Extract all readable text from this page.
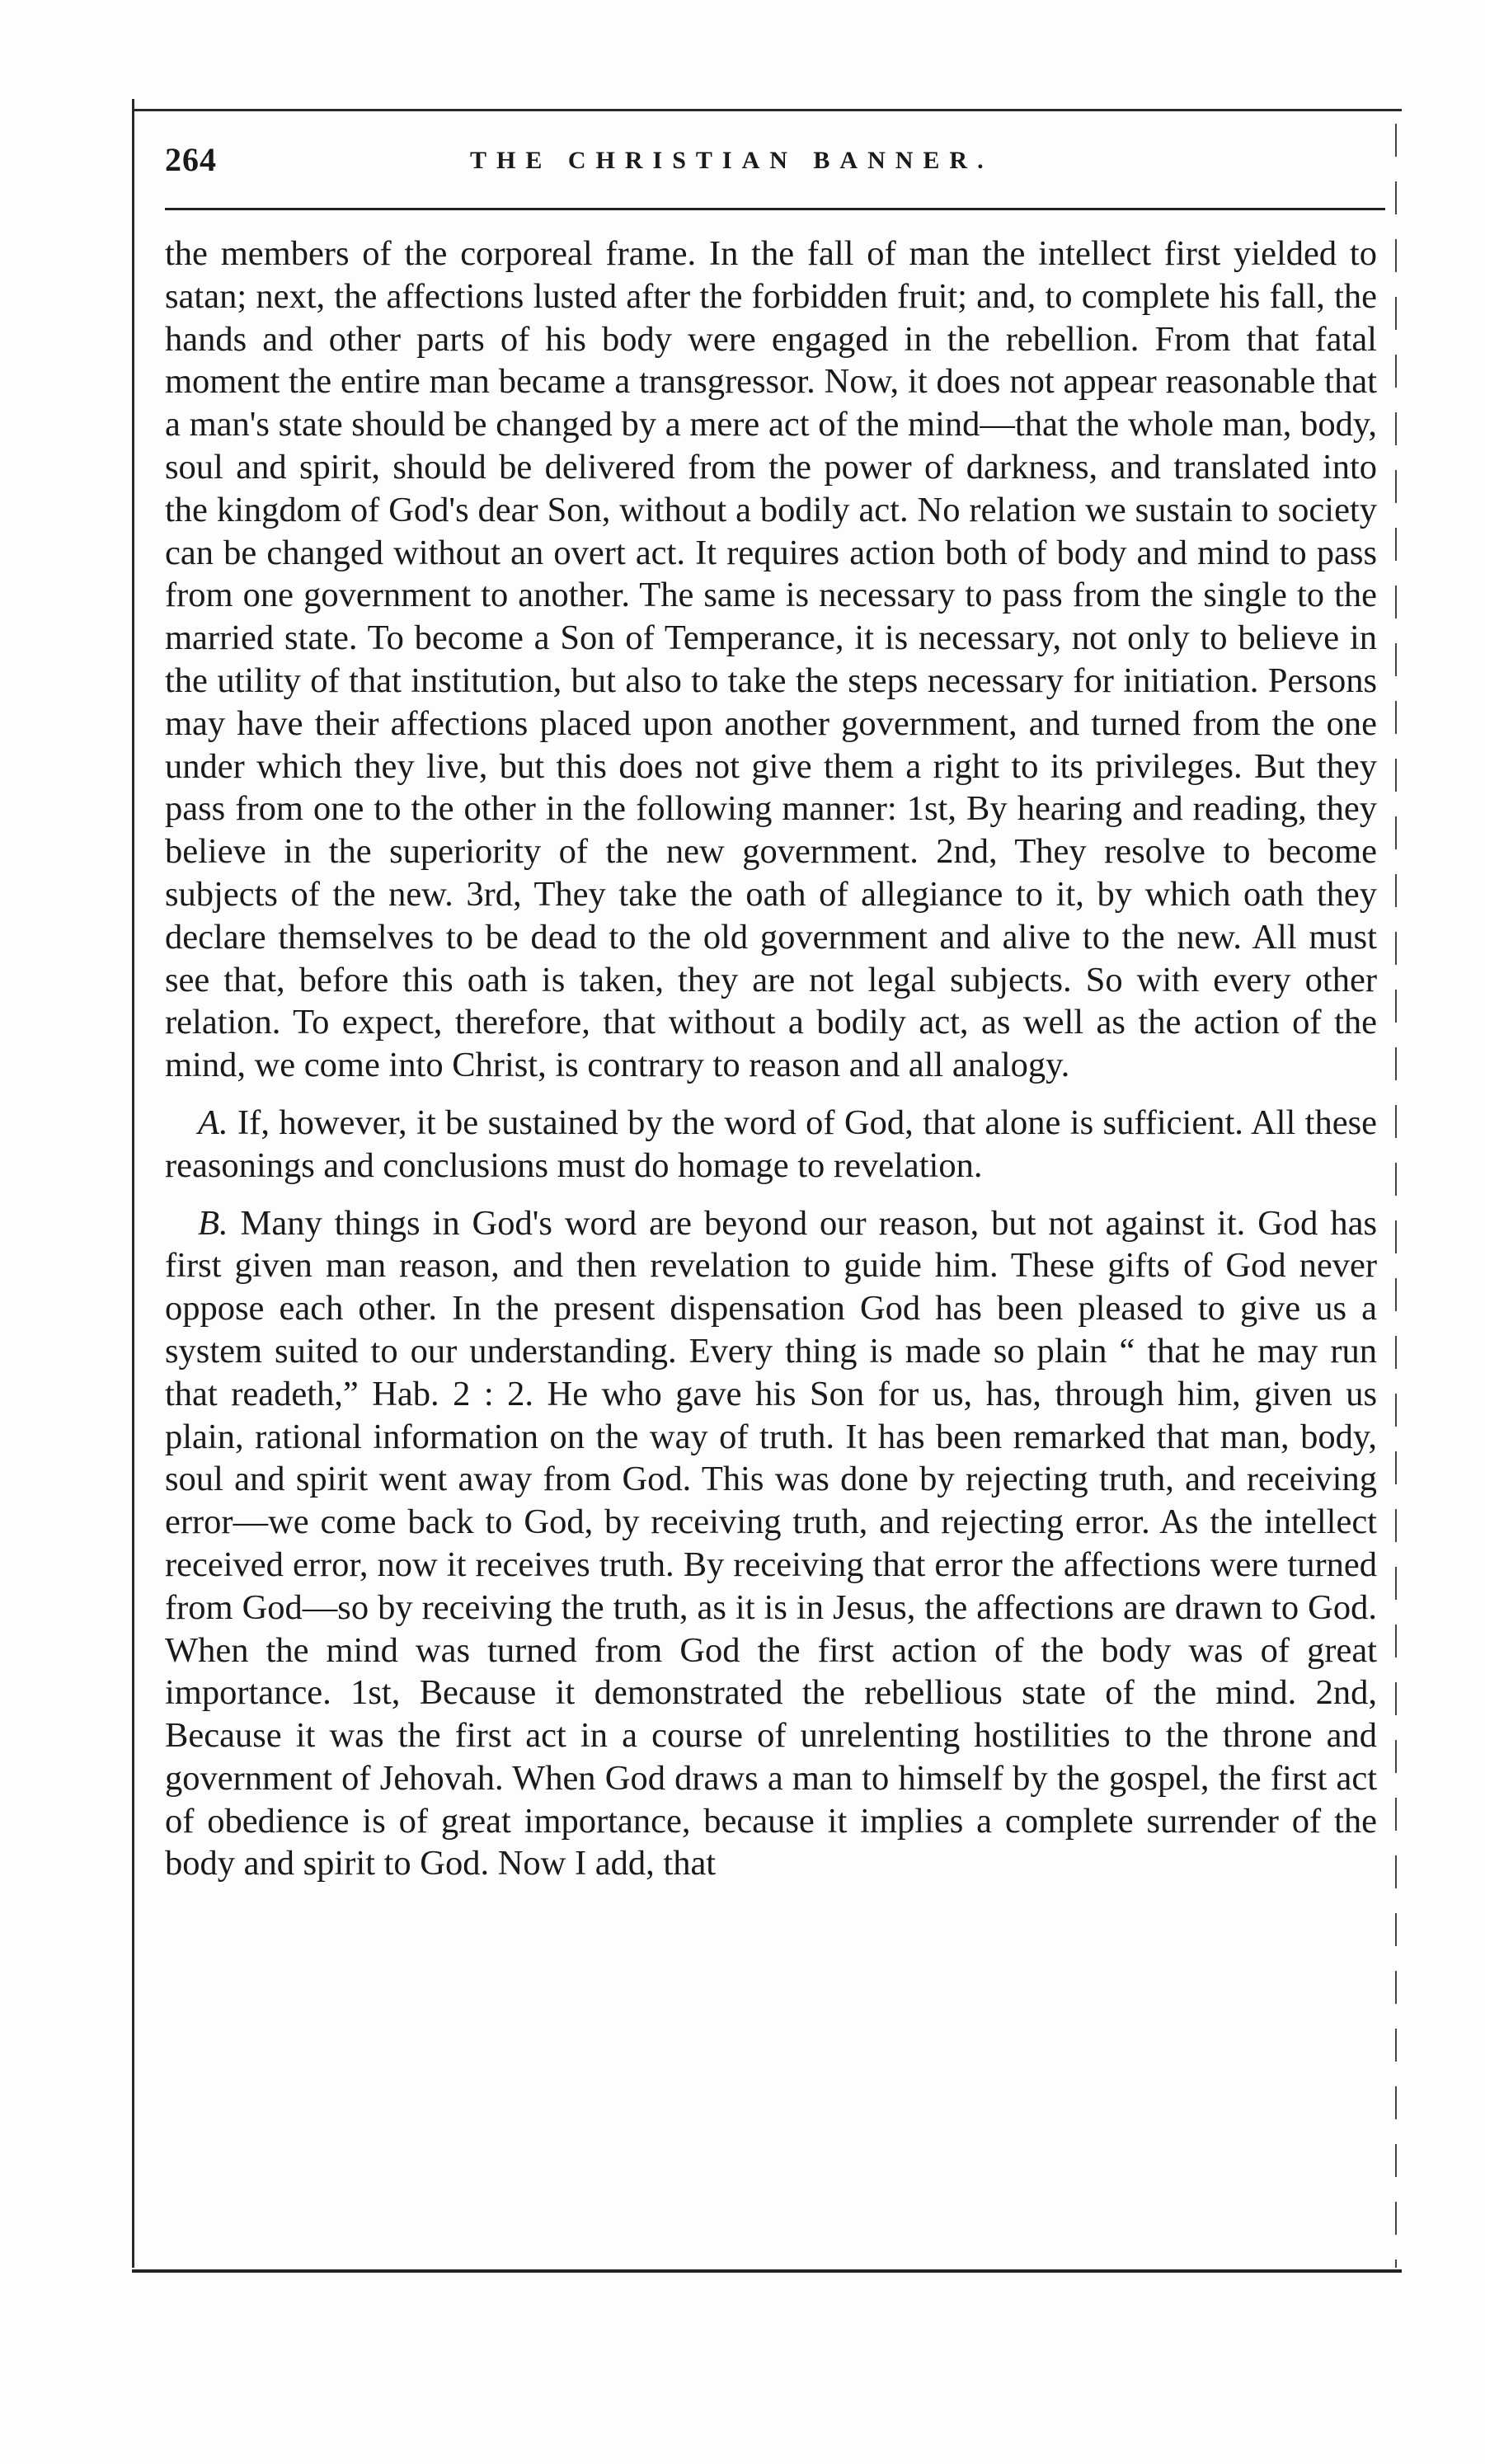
264	THE CHRISTIAN BANNER.

the members of the corporeal frame. In the fall of man the intellect first yielded to satan; next, the affections lusted after the forbidden fruit; and, to complete his fall, the hands and other parts of his body were engaged in the rebellion. From that fatal moment the entire man became a transgressor. Now, it does not appear reasonable that a man's state should be changed by a mere act of the mind—that the whole man, body, soul and spirit, should be delivered from the power of darkness, and translated into the kingdom of God's dear Son, without a bodily act. No relation we sustain to society can be changed without an overt act. It requires action both of body and mind to pass from one government to another. The same is necessary to pass from the single to the married state. To become a Son of Temperance, it is necessary, not only to believe in the utility of that institution, but also to take the steps necessary for initiation. Persons may have their affections placed upon another government, and turned from the one under which they live, but this does not give them a right to its privileges. But they pass from one to the other in the following manner: 1st, By hearing and reading, they believe in the superiority of the new government. 2nd, They resolve to become subjects of the new. 3rd, They take the oath of allegiance to it, by which oath they declare themselves to be dead to the old government and alive to the new. All must see that, before this oath is taken, they are not legal subjects. So with every other relation. To expect, therefore, that without a bodily act, as well as the action of the mind, we come into Christ, is contrary to reason and all analogy.

A. If, however, it be sustained by the word of God, that alone is sufficient. All these reasonings and conclusions must do homage to revelation.

B. Many things in God's word are beyond our reason, but not against it. God has first given man reason, and then revelation to guide him. These gifts of God never oppose each other. In the present dispensation God has been pleased to give us a system suited to our understanding. Every thing is made so plain “ that he may run that readeth,” Hab. 2 : 2. He who gave his Son for us, has, through him, given us plain, rational information on the way of truth. It has been remarked that man, body, soul and spirit went away from God. This was done by rejecting truth, and receiving error—we come back to God, by receiving truth, and rejecting error. As the intellect received error, now it receives truth. By receiving that error the affections were turned from God—so by receiving the truth, as it is in Jesus, the affections are drawn to God. When the mind was turned from God the first action of the body was of great importance. 1st, Because it demonstrated the rebellious state of the mind. 2nd, Because it was the first act in a course of unrelenting hostilities to the throne and government of Jehovah. When God draws a man to himself by the gospel, the first act of obedience is of great importance, because it implies a complete surrender of the body and spirit to God. Now I add, that
